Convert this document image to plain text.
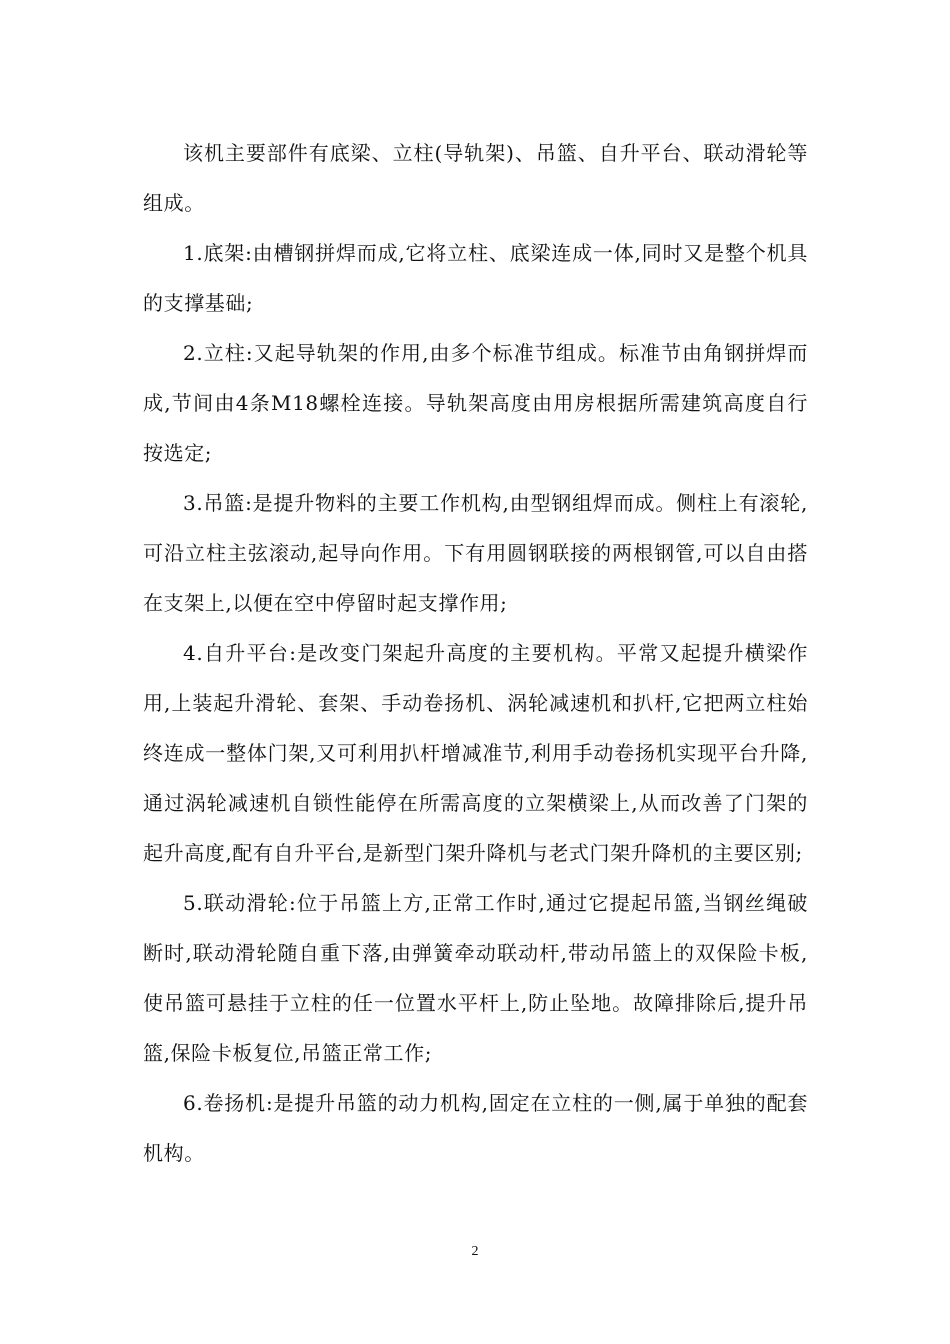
该机主要部件有底梁、立柱(导轨架)、吊篮、自升平台、联动滑轮等组成。

1.底架:由槽钢拼焊而成,它将立柱、底梁连成一体,同时又是整个机具的支撑基础;

2.立柱:又起导轨架的作用,由多个标准节组成。标准节由角钢拼焊而成,节间由4条M18螺栓连接。导轨架高度由用房根据所需建筑高度自行按选定;

3.吊篮:是提升物料的主要工作机构,由型钢组焊而成。侧柱上有滚轮,可沿立柱主弦滚动,起导向作用。下有用圆钢联接的两根钢管,可以自由搭在支架上,以便在空中停留时起支撑作用;

4.自升平台:是改变门架起升高度的主要机构。平常又起提升横梁作用,上装起升滑轮、套架、手动卷扬机、涡轮减速机和扒杆,它把两立柱始终连成一整体门架,又可利用扒杆增减准节,利用手动卷扬机实现平台升降,通过涡轮减速机自锁性能停在所需高度的立架横梁上,从而改善了门架的起升高度,配有自升平台,是新型门架升降机与老式门架升降机的主要区别;

5.联动滑轮:位于吊篮上方,正常工作时,通过它提起吊篮,当钢丝绳破断时,联动滑轮随自重下落,由弹簧牵动联动杆,带动吊篮上的双保险卡板,使吊篮可悬挂于立柱的任一位置水平杆上,防止坠地。故障排除后,提升吊篮,保险卡板复位,吊篮正常工作;

6.卷扬机:是提升吊篮的动力机构,固定在立柱的一侧,属于单独的配套机构。

2
